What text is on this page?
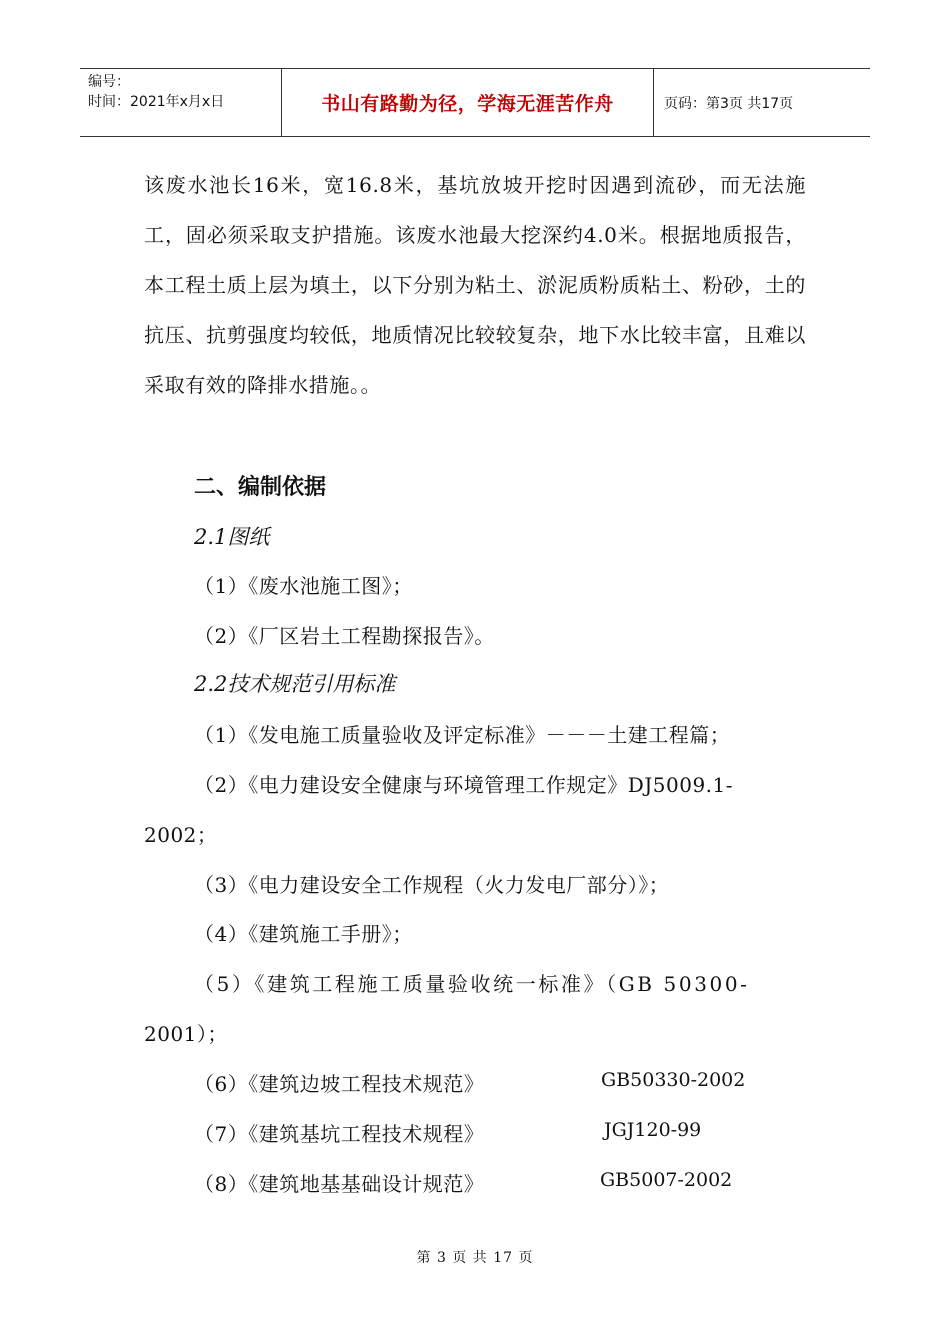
编号：
时间：2021年x月x日	书山有路勤为径，学海无涯苦作舟	页码：第3页 共17页
该废水池长16米，宽16.8米，基坑放坡开挖时因遇到流砂，而无法施工，固必须采取支护措施。该废水池最大挖深约4.0米。根据地质报告，本工程土质上层为填土，以下分别为粘土、淤泥质粉质粘土、粉砂，土的抗压、抗剪强度均较低，地质情况比较较复杂，地下水比较丰富，且难以采取有效的降排水措施。。
二、编制依据
2.1图纸
（1）《废水池施工图》；
（2）《厂区岩土工程勘探报告》。
2.2技术规范引用标准
（1）《发电施工质量验收及评定标准》－－－土建工程篇；
（2）《电力建设安全健康与环境管理工作规定》DJ5009.1-
2002；
（3）《电力建设安全工作规程（火力发电厂部分）》；
（4）《建筑施工手册》；
（5）《建筑工程施工质量验收统一标准》（GB 50300-
2001）；
（6）《建筑边坡工程技术规范》	GB50330-2002
（7）《建筑基坑工程技术规程》	JGJ120-99
（8）《建筑地基基础设计规范》	GB5007-2002
第 3 页 共 17 页
